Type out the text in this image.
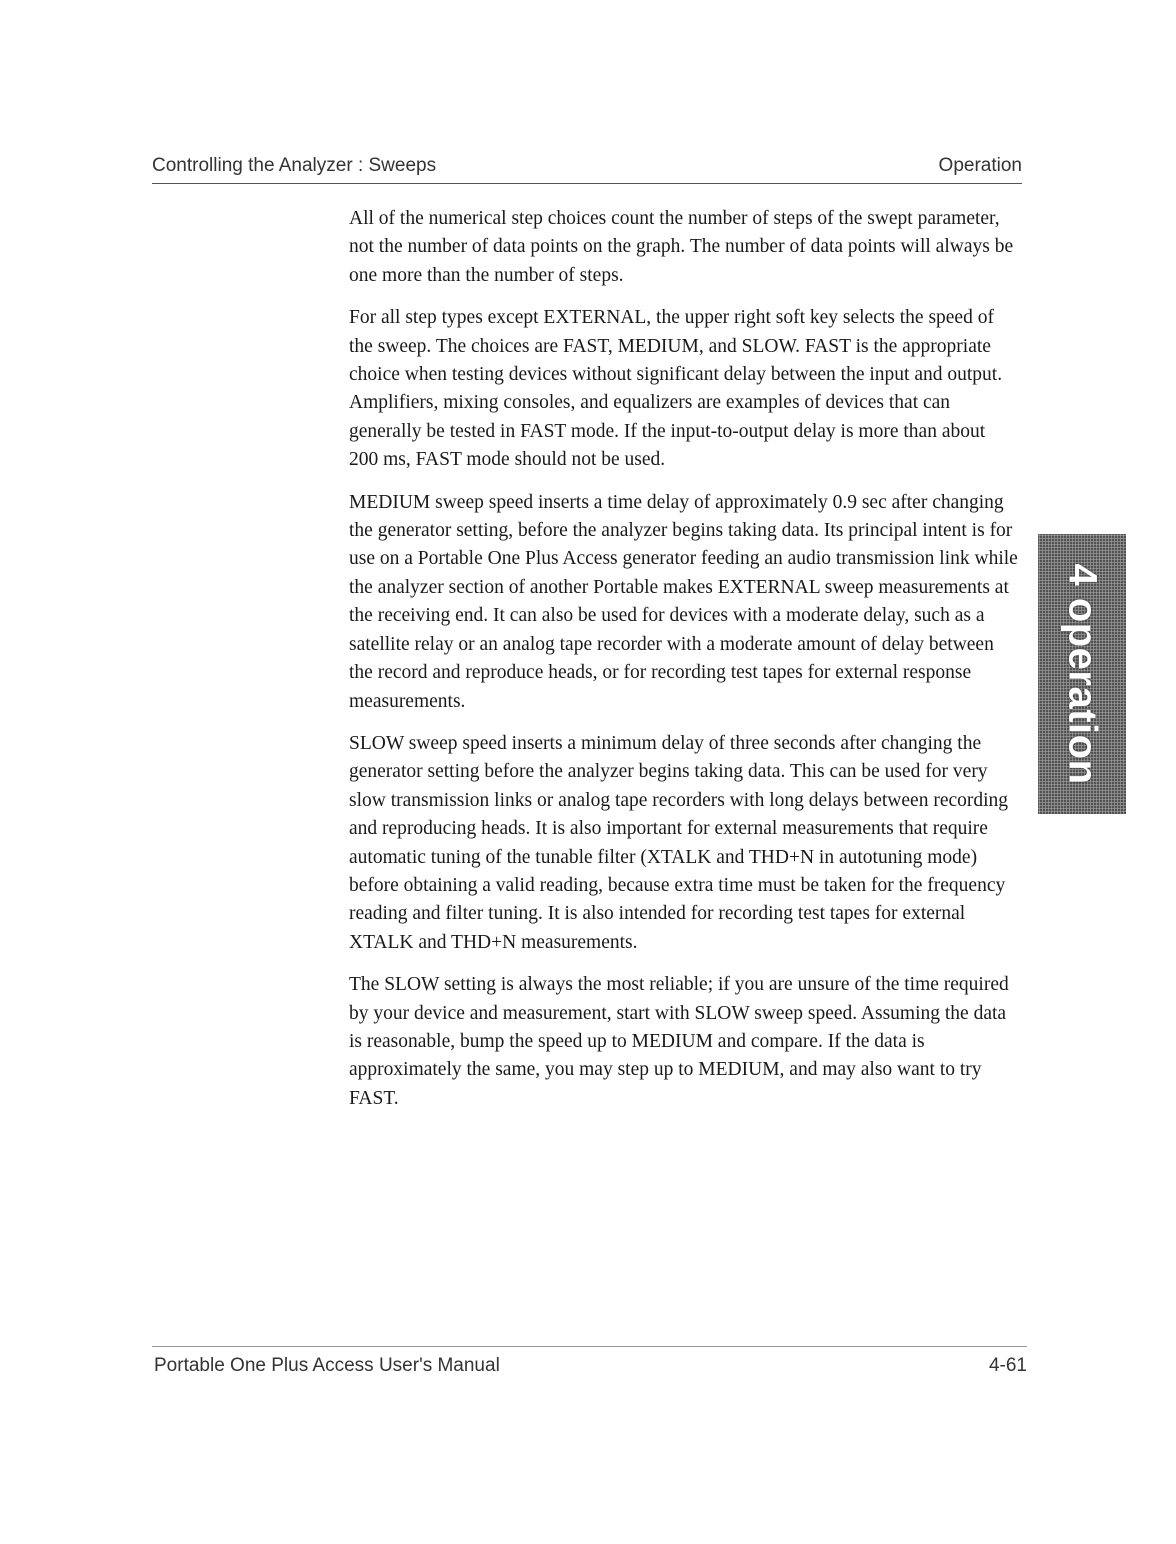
Controlling the Analyzer : Sweeps	Operation

All of the numerical step choices count the number of steps of the swept parameter, not the number of data points on the graph. The number of data points will always be one more than the number of steps.

For all step types except EXTERNAL, the upper right soft key selects the speed of the sweep. The choices are FAST, MEDIUM, and SLOW. FAST is the appropriate choice when testing devices without significant delay between the input and output. Amplifiers, mixing consoles, and equalizers are examples of devices that can generally be tested in FAST mode. If the input-to-output delay is more than about 200 ms, FAST mode should not be used.

MEDIUM sweep speed inserts a time delay of approximately 0.9 sec after changing the generator setting, before the analyzer begins taking data. Its principal intent is for use on a Portable One Plus Access generator feeding an audio transmission link while the analyzer section of another Portable makes EXTERNAL sweep measurements at the receiving end. It can also be used for devices with a moderate delay, such as a satellite relay or an analog tape recorder with a moderate amount of delay between the record and reproduce heads, or for recording test tapes for external response measurements.

SLOW sweep speed inserts a minimum delay of three seconds after changing the generator setting before the analyzer begins taking data. This can be used for very slow transmission links or analog tape recorders with long delays between recording and reproducing heads. It is also important for external measurements that require automatic tuning of the tunable filter (XTALK and THD+N in autotuning mode) before obtaining a valid reading, because extra time must be taken for the frequency reading and filter tuning. It is also intended for recording test tapes for external XTALK and THD+N measurements.

The SLOW setting is always the most reliable; if you are unsure of the time required by your device and measurement, start with SLOW sweep speed. Assuming the data is reasonable, bump the speed up to MEDIUM and compare. If the data is approximately the same, you may step up to MEDIUM, and may also want to try FAST.

4 operation
Portable One Plus Access User's Manual	4-61
